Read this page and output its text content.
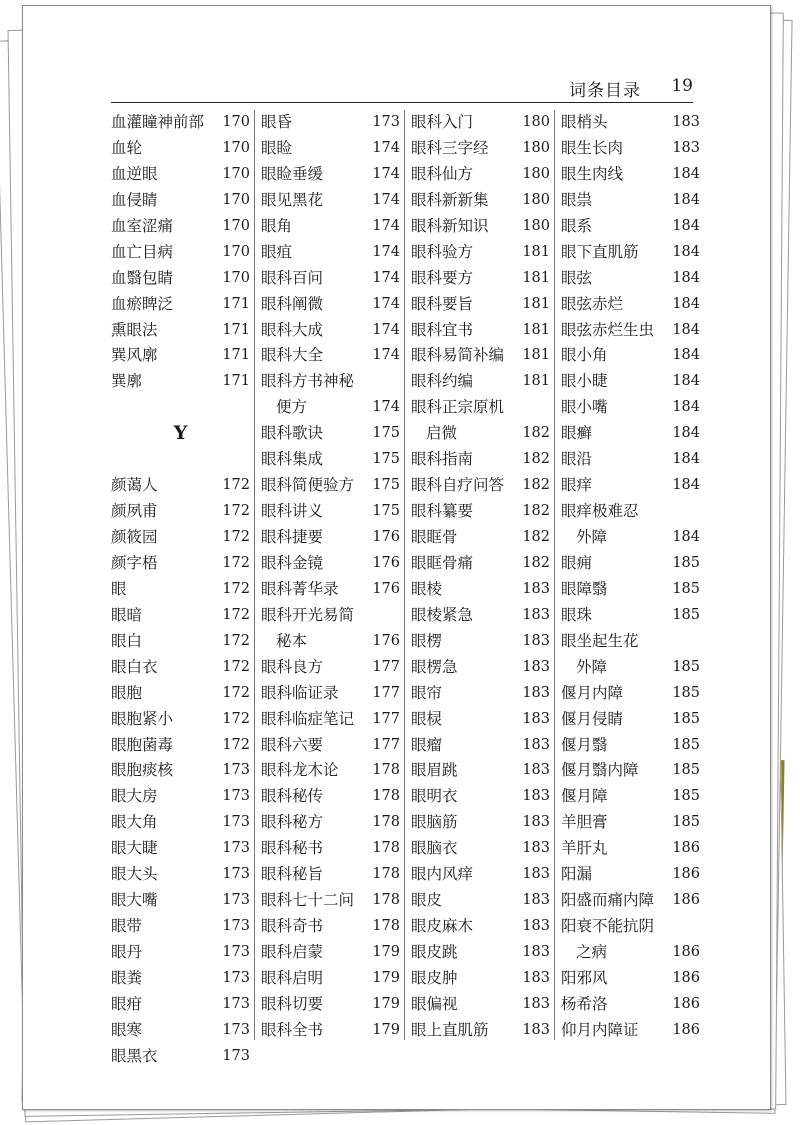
词条目录 19
血灌瞳神前部 170
血轮	170
血逆眼	170
血侵睛	170
血室涩痛	170
血亡目病	170
血翳包睛	170
血瘀睥泛	171
熏眼法	171
巽风廓	171
巽廓	171
Y
颜蔼人	172
颜夙甫	172
颜筱园	172
颜字梧	172
眼	172
眼暗	172
眼白	172
眼白衣	172
眼胞	172
眼胞紧小	172
眼胞菌毒	172
眼胞痰核	173
眼大房	173
眼大角	173
眼大睫	173
眼大头	173
眼大嘴	173
眼带	173
眼丹	173
眼粪	173
眼疳	173
眼寒	173
眼黑衣	173
眼昏	173
眼睑	174
眼睑垂缓	174
眼见黑花	174
眼角	174
眼疽	174
眼科百问	174
眼科阐微	174
眼科大成	174
眼科大全	174
眼科方书神秘
便方	174
眼科歌诀	175
眼科集成	175
眼科简便验方 175
眼科讲义	175
眼科捷要	176
眼科金镜	176
眼科菁华录 176
眼科开光易简
秘本	176
眼科良方	177
眼科临证录 177
眼科临症笔记 177
眼科六要	177
眼科龙木论 178
眼科秘传	178
眼科秘方	178
眼科秘书	178
眼科秘旨	178
眼科七十二问 178
眼科奇书	178
眼科启蒙	179
眼科启明	179
眼科切要	179
眼科全书	179
眼科入门	180
眼科三字经 180
眼科仙方	180
眼科新新集 180
眼科新知识 180
眼科验方	181
眼科要方	181
眼科要旨	181
眼科宜书	181
眼科易简补编 181
眼科约编	181
眼科正宗原机
启微	182
眼科指南	182
眼科自疗问答 182
眼科纂要	182
眼眶骨	182
眼眶骨痛	182
眼棱	183
眼棱紧急	183
眼楞	183
眼楞急	183
眼帘	183
眼棂	183
眼瘤	183
眼眉跳	183
眼明衣	183
眼脑筋	183
眼脑衣	183
眼内风痒	183
眼皮	183
眼皮麻木	183
眼皮跳	183
眼皮肿	183
眼偏视	183
眼上直肌筋 183
眼梢头	183
眼生长肉	183
眼生肉线	184
眼祟	184
眼系	184
眼下直肌筋 184
眼弦	184
眼弦赤烂	184
眼弦赤烂生虫 184
眼小角	184
眼小睫	184
眼小嘴	184
眼癣	184
眼沿	184
眼痒	184
眼痒极难忍
外障	184
眼痈	185
眼障翳	185
眼珠	185
眼坐起生花
外障	185
偃月内障	185
偃月侵睛	185
偃月翳	185
偃月翳内障 185
偃月障	185
羊胆膏	185
羊肝丸	186
阳漏	186
阳盛而痛内障 186
阳衰不能抗阴
之病	186
阳邪风	186
杨希洛	186
仰月内障证 186
